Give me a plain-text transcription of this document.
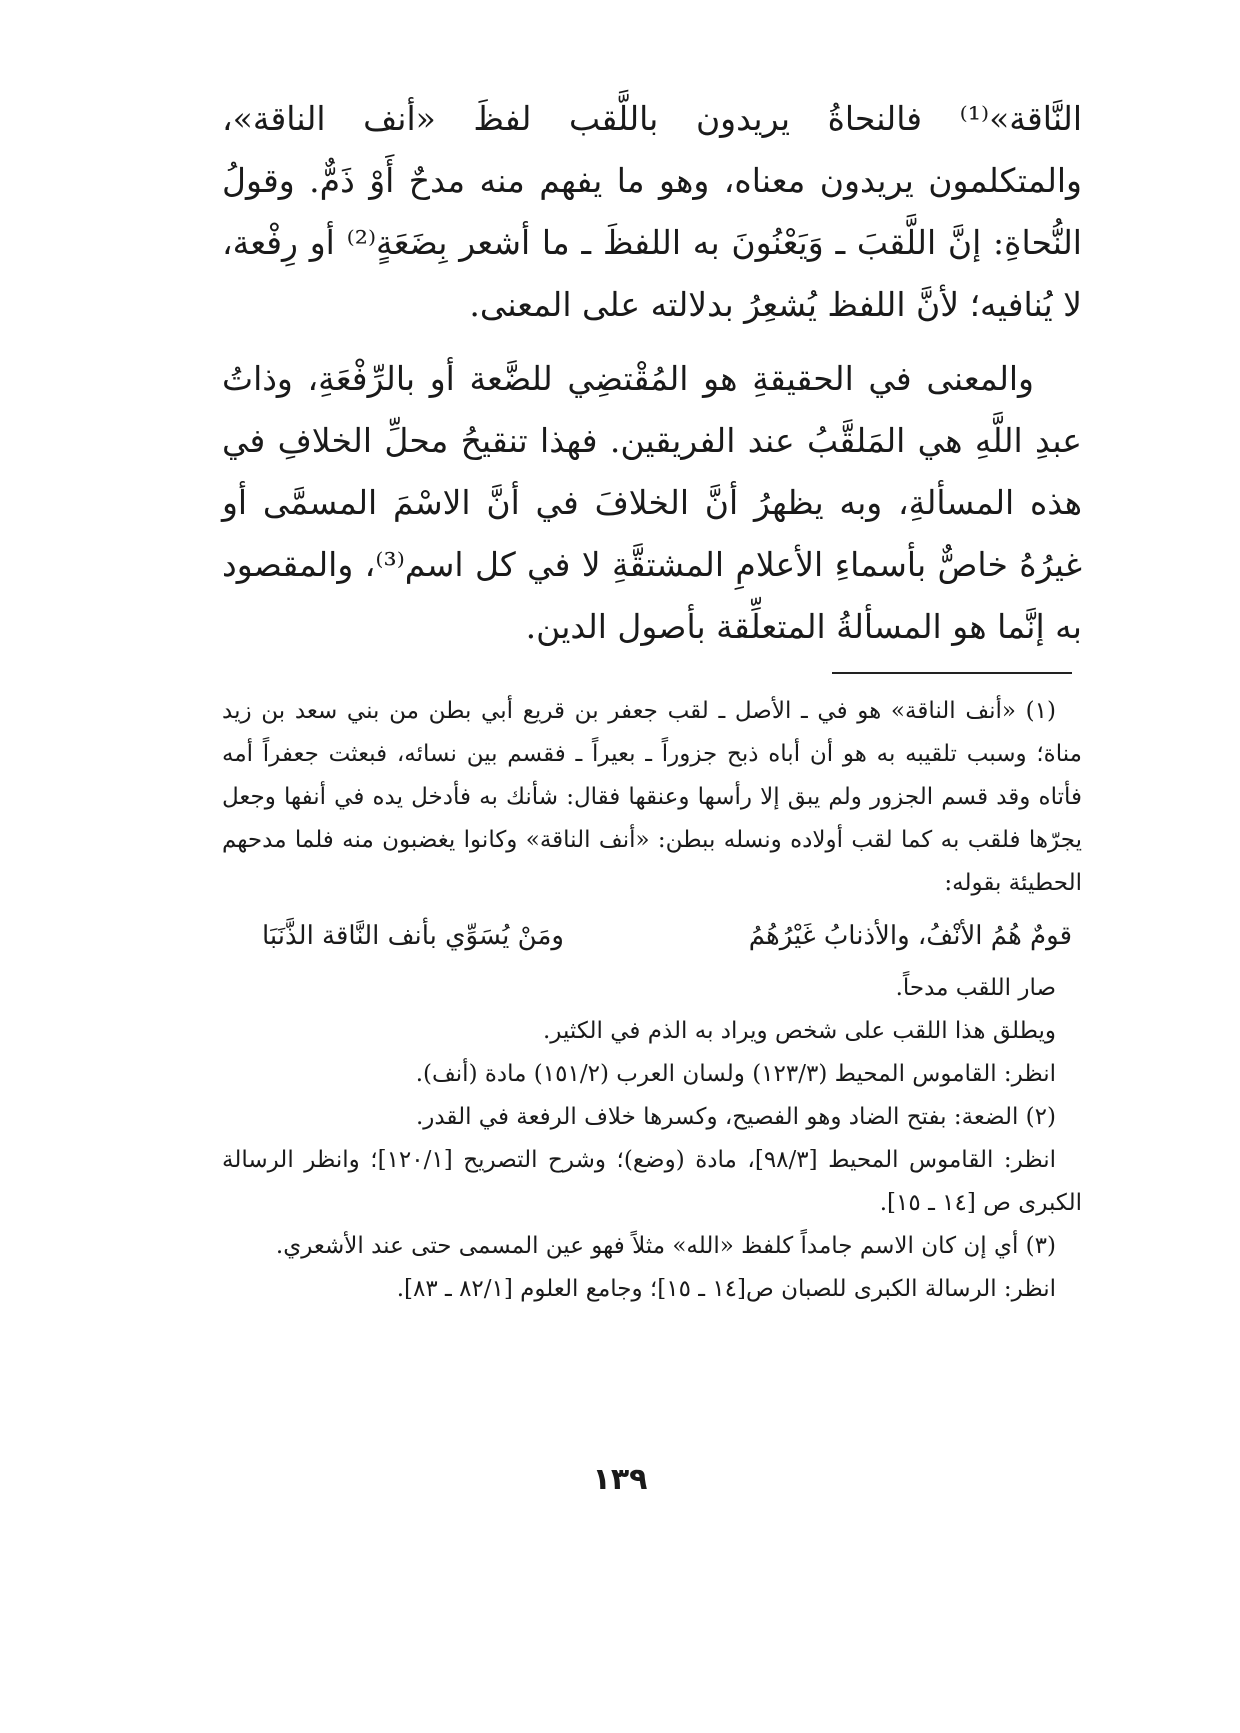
النَّاقة»⁽¹⁾ فالنحاةُ يريدون باللَّقب لفظَ «أنف الناقة»، والمتكلمون يريدون معناه، وهو ما يفهم منه مدحٌ أَوْ ذَمٌّ. وقولُ النُّحاةِ: إنَّ اللَّقبَ ـ وَيَعْنُونَ به اللفظَ ـ ما أشعر بِضَعَةٍ⁽²⁾ أو رِفْعة، لا يُنافيه؛ لأنَّ اللفظ يُشعِرُ بدلالته على المعنى.

والمعنى في الحقيقةِ هو المُقْتضِي للضَّعة أو بالرِّفْعَةِ، وذاتُ عبدِ اللَّهِ هي المَلقَّبُ عند الفريقين. فهذا تنقيحُ محلِّ الخلافِ في هذه المسألةِ، وبه يظهرُ أنَّ الخلافَ في أنَّ الاسْمَ المسمَّى أو غيرُهُ خاصٌّ بأسماءِ الأعلامِ المشتقَّةِ لا في كل اسم⁽³⁾، والمقصود به إنَّما هو المسألةُ المتعلِّقة بأصول الدين.

(١) «أنف الناقة» هو في ـ الأصل ـ لقب جعفر بن قريع أبي بطن من بني سعد بن زيد مناة؛ وسبب تلقيبه به هو أن أباه ذبح جزوراً ـ بعيراً ـ فقسم بين نسائه، فبعثت جعفراً أمه فأتاه وقد قسم الجزور ولم يبق إلا رأسها وعنقها فقال: شأنك به فأدخل يده في أنفها وجعل يجرّها فلقب به كما لقب أولاده ونسله ببطن: «أنف الناقة» وكانوا يغضبون منه فلما مدحهم الحطيئة بقوله:

قومٌ هُمُ الأنْفُ، والأذنابُ غَيْرُهُمُ
ومَنْ يُسَوِّي بأنف النَّاقة الذَّنَبَا

صار اللقب مدحاً.

ويطلق هذا اللقب على شخص ويراد به الذم في الكثير.

انظر: القاموس المحيط (١٢٣/٣) ولسان العرب (١٥١/٢) مادة (أنف).

(٢) الضعة: بفتح الضاد وهو الفصيح، وكسرها خلاف الرفعة في القدر.

انظر: القاموس المحيط [٩٨/٣]، مادة (وضع)؛ وشرح التصريح [١٢٠/١]؛ وانظر الرسالة الكبرى ص [١٤ ـ ١٥].

(٣) أي إن كان الاسم جامداً كلفظ «الله» مثلاً فهو عين المسمى حتى عند الأشعري.

انظر: الرسالة الكبرى للصبان ص[١٤ ـ ١٥]؛ وجامع العلوم [٨٢/١ ـ ٨٣].

١٣٩
